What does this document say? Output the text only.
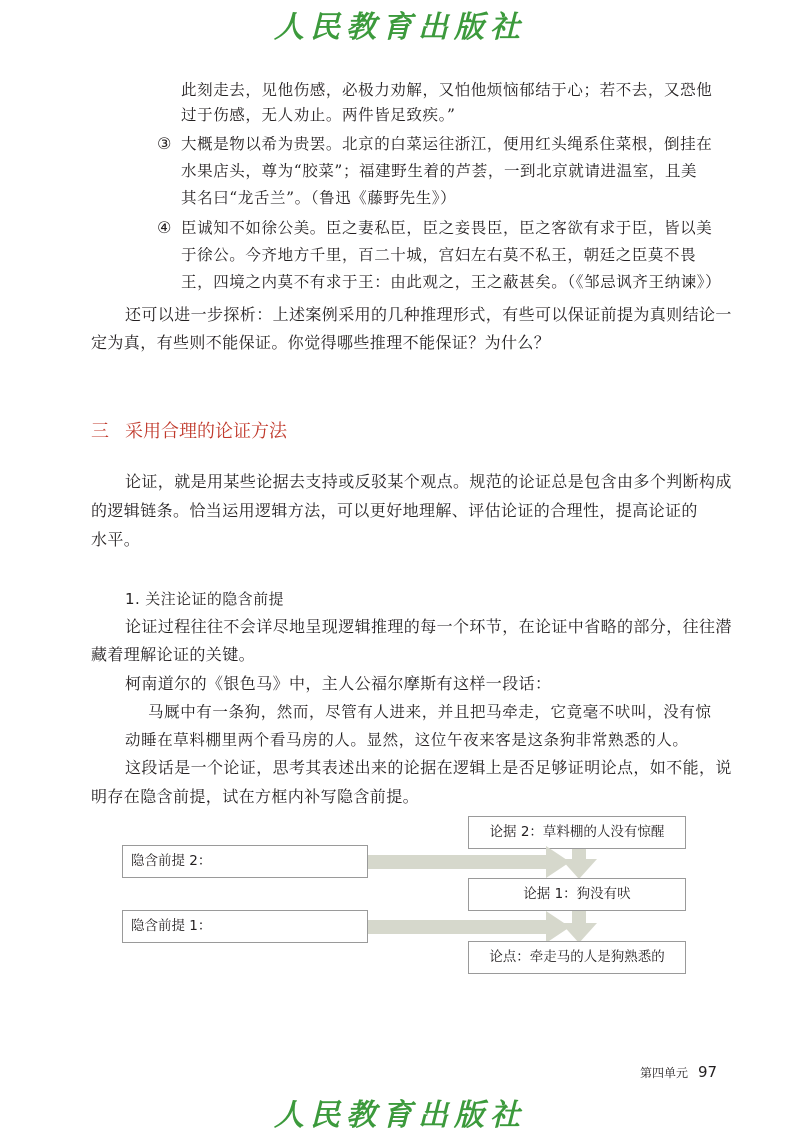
人民教育出版社
此刻走去，见他伤感，必极力劝解，又怕他烦恼郁结于心；若不去，又恐他
过于伤感，无人劝止。两件皆足致疾。”
③ 大概是物以希为贵罢。北京的白菜运往浙江，便用红头绳系住菜根，倒挂在
水果店头，尊为“胶菜”；福建野生着的芦荟，一到北京就请进温室，且美
其名曰“龙舌兰”。（鲁迅《藤野先生》）
④ 臣诚知不如徐公美。臣之妻私臣，臣之妾畏臣，臣之客欲有求于臣，皆以美
于徐公。今齐地方千里，百二十城，宫妇左右莫不私王，朝廷之臣莫不畏
王，四境之内莫不有求于王：由此观之，王之蔽甚矣。（《邹忌讽齐王纳谏》）
还可以进一步探析：上述案例采用的几种推理形式，有些可以保证前提为真则结论一
定为真，有些则不能保证。你觉得哪些推理不能保证？为什么？
三 采用合理的论证方法
论证，就是用某些论据去支持或反驳某个观点。规范的论证总是包含由多个判断构成
的逻辑链条。恰当运用逻辑方法，可以更好地理解、评估论证的合理性，提高论证的
水平。
1. 关注论证的隐含前提
论证过程往往不会详尽地呈现逻辑推理的每一个环节，在论证中省略的部分，往往潜
藏着理解论证的关键。
柯南道尔的《银色马》中，主人公福尔摩斯有这样一段话：
马厩中有一条狗，然而，尽管有人进来，并且把马牵走，它竟毫不吠叫，没有惊
动睡在草料棚里两个看马房的人。显然，这位午夜来客是这条狗非常熟悉的人。
这段话是一个论证，思考其表述出来的论据在逻辑上是否足够证明论点，如不能，说
明存在隐含前提，试在方框内补写隐含前提。
论据 2：草料棚的人没有惊醒
隐含前提 2：
论据 1：狗没有吠
隐含前提 1：
论点：牵走马的人是狗熟悉的
第四单元 97
人民教育出版社
